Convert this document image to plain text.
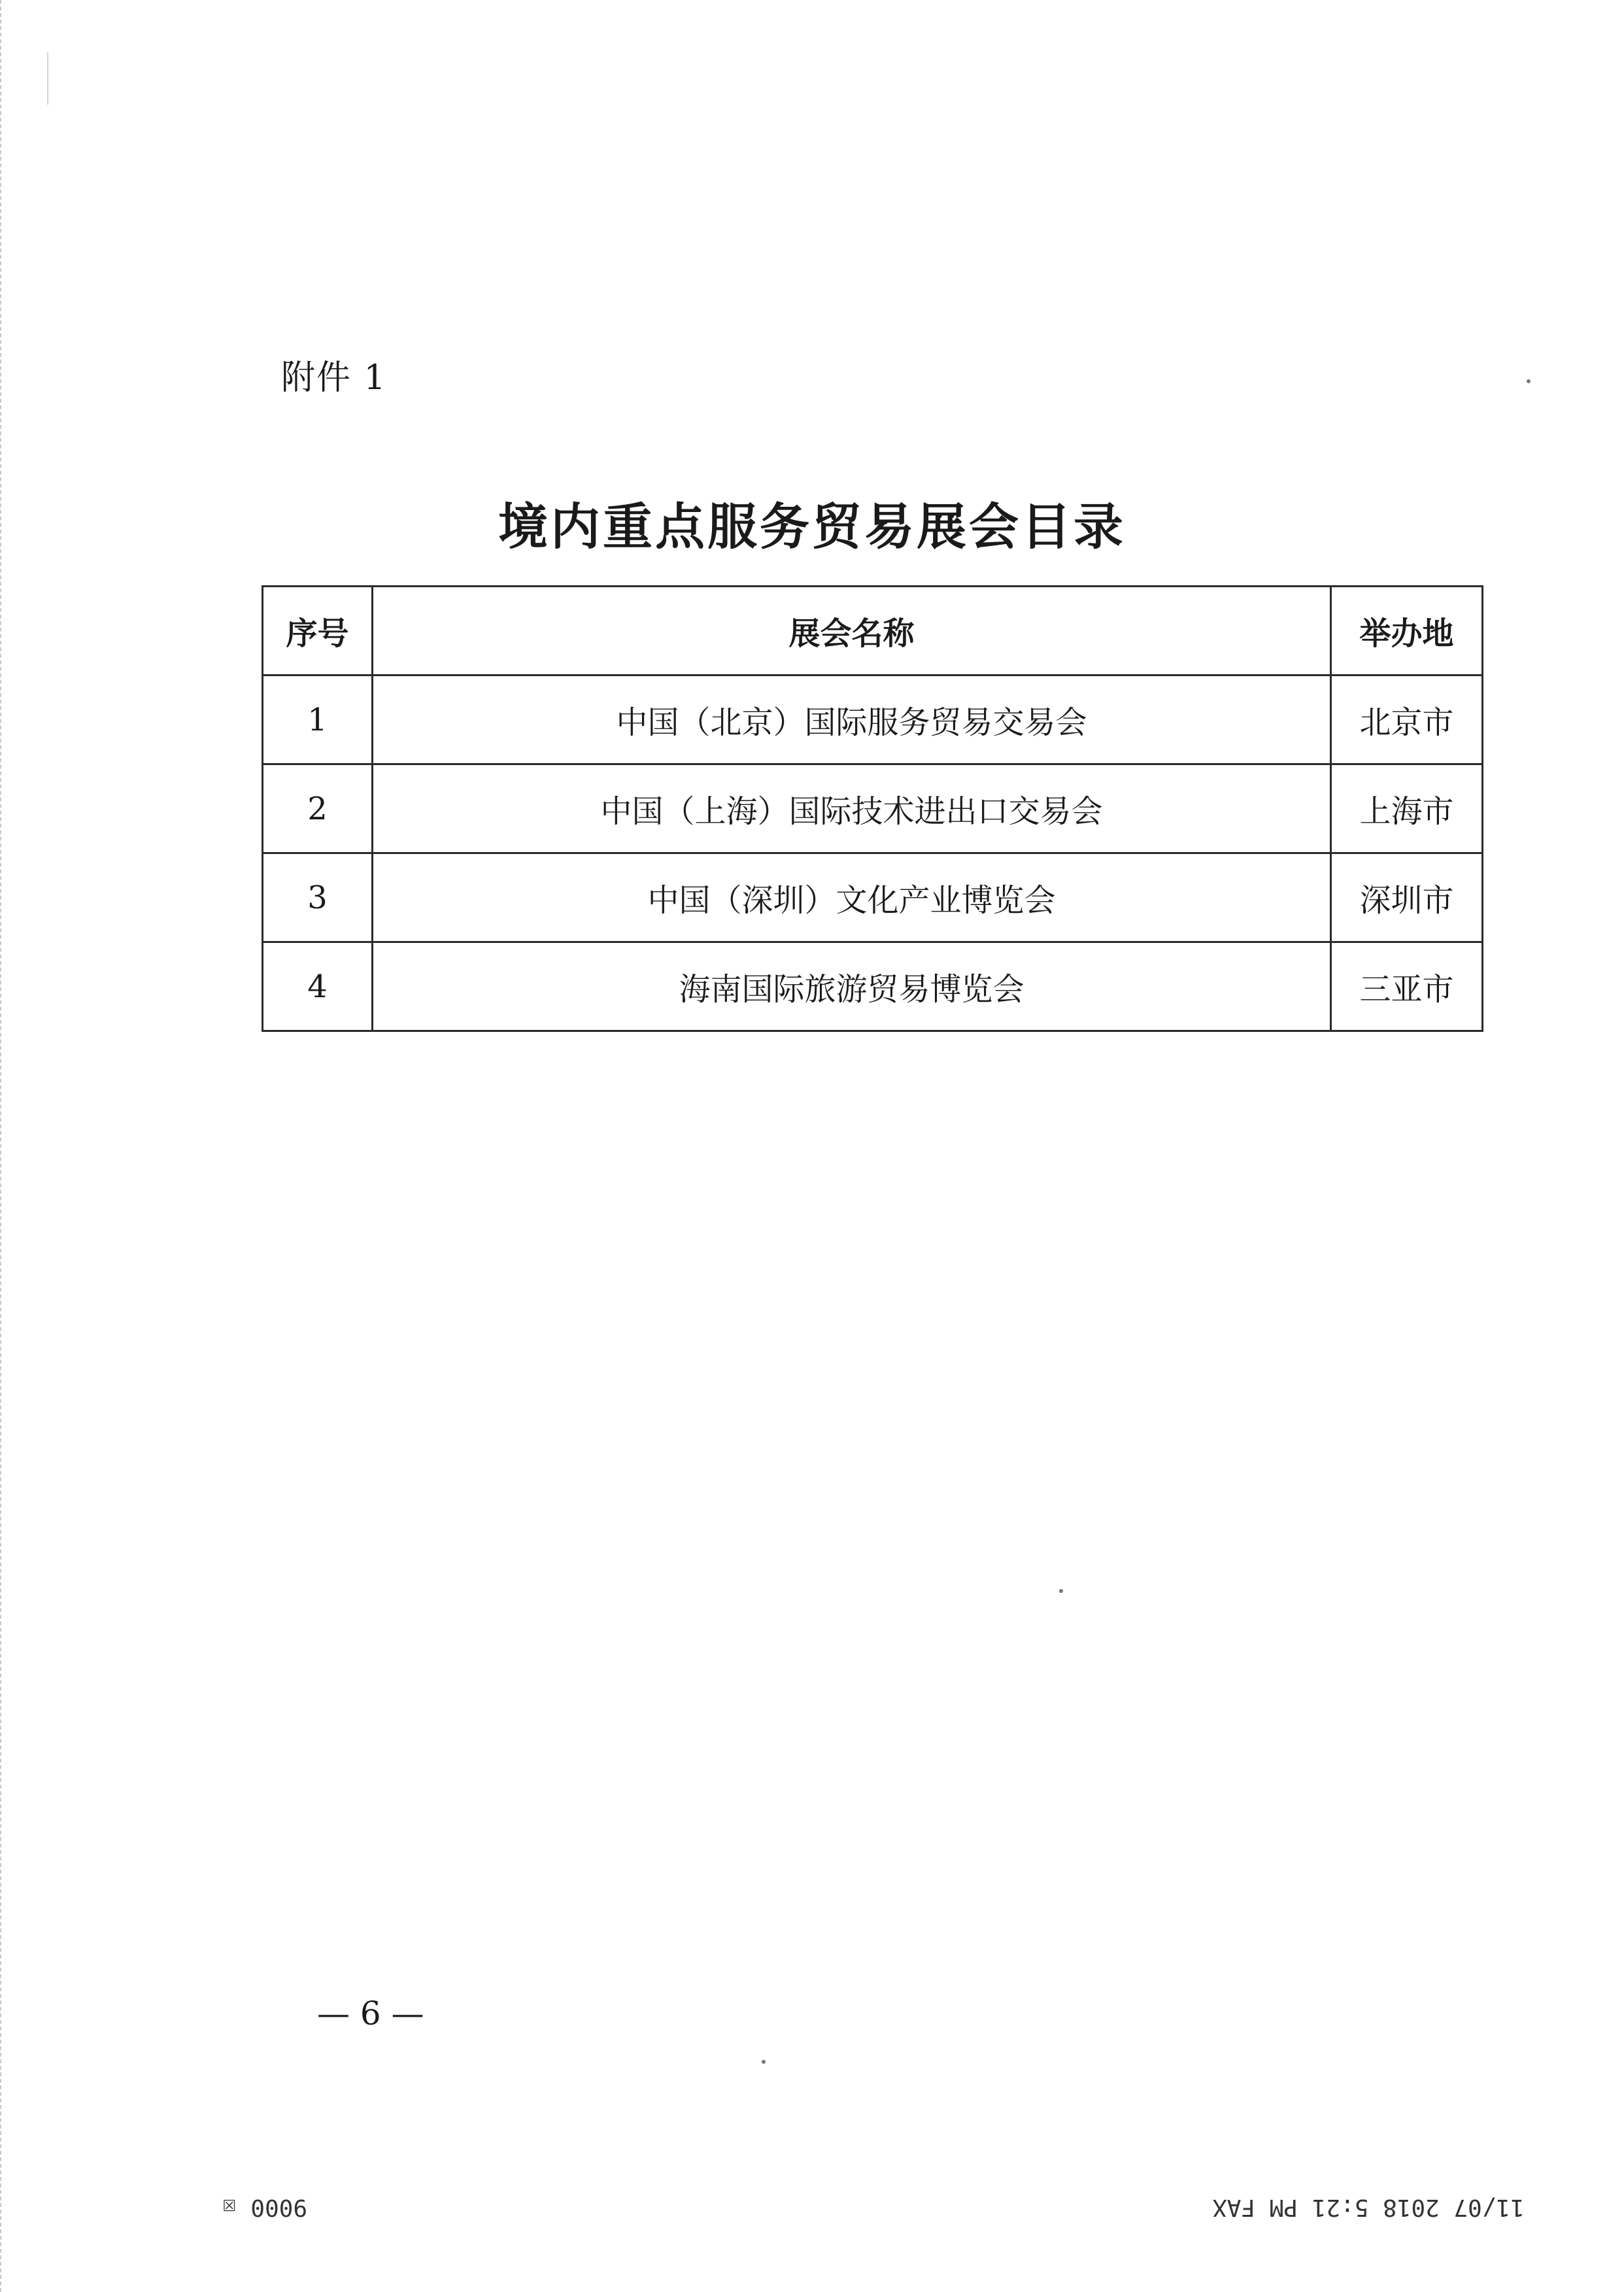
附件 1
境内重点服务贸易展会目录
序号	展会名称	举办地
1	中国（北京）国际服务贸易交易会	北京市
2	中国（上海）国际技术进出口交易会	上海市
3	中国（深圳）文化产业博览会	深圳市
4	海南国际旅游贸易博览会	三亚市
— 6 —
9000 ☒	11/07 2018 5:21 PM FAX
